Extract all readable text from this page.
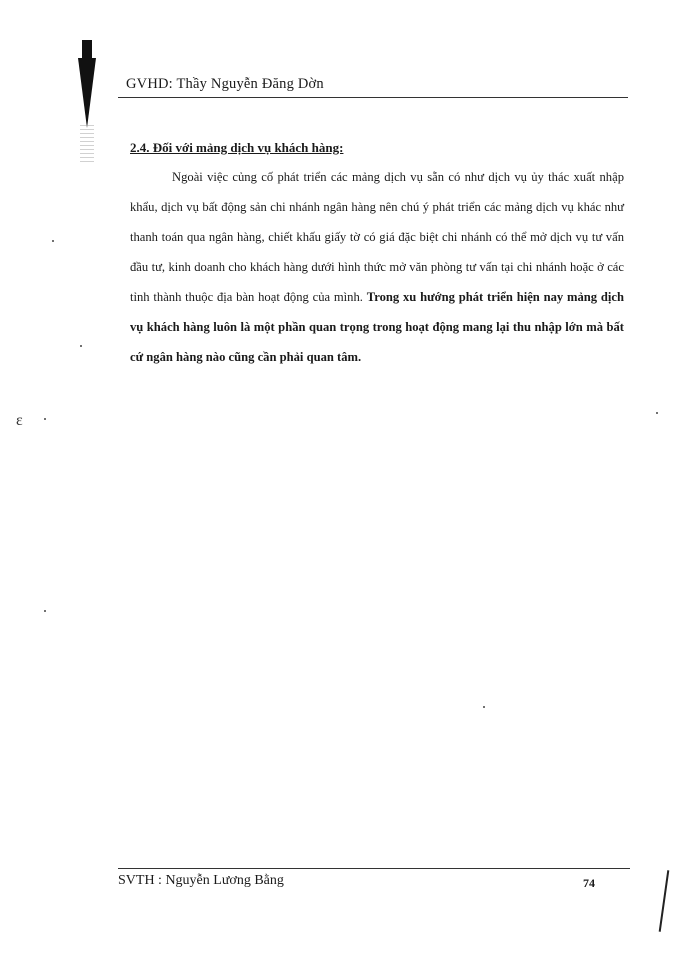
GVHD: Thầy Nguyễn Đăng Dờn
2.4. Đối với mảng dịch vụ khách hàng:
Ngoài việc củng cố phát triển các mảng dịch vụ sẵn có như dịch vụ ủy thác xuất nhập khẩu, dịch vụ bất động sản chi nhánh ngân hàng nên chú ý phát triển các mảng dịch vụ khác như thanh toán qua ngân hàng, chiết khấu giấy tờ có giá đặc biệt chi nhánh có thể mở dịch vụ tư vấn đầu tư, kinh doanh cho khách hàng dưới hình thức mở văn phòng tư vấn tại chi nhánh hoặc ở các tỉnh thành thuộc địa bàn hoạt động của mình. Trong xu hướng phát triển hiện nay mảng dịch vụ khách hàng luôn là một phần quan trọng trong hoạt động mang lại thu nhập lớn mà bất cứ ngân hàng nào cũng cần phải quan tâm.
ɛ
SVTH : Nguyễn Lương Bằng	74
